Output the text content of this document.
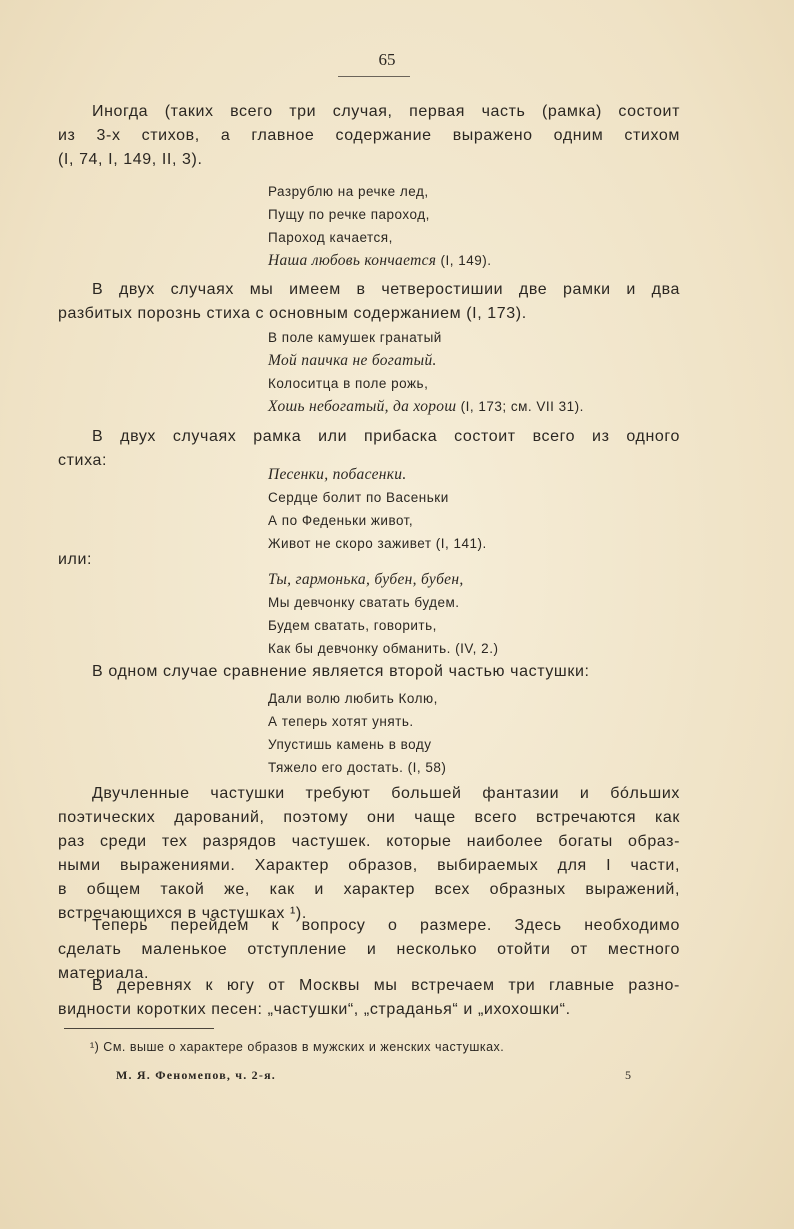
65
Иногда (таких всего три случая, первая часть (рамка) состоит
из 3-х стихов, а главное содержание выражено одним стихом
(I, 74, I, 149, II, 3).
Разрублю на речке лед,
Пущу по речке пароход,
Пароход качается,
Наша любовь кончается (I, 149).
В двух случаях мы имеем в четверостишии две рамки и два
разбитых порознь стиха с основным содержанием (I, 173).
В поле камушек гранатый
Мой паичка не богатый.
Колоситца в поле рожь,
Хошь небогатый, да хорош (I, 173; см. VII 31).
В двух случаях рамка или прибаска состоит всего из одного
стиха:
Песенки, побасенки.
Сердце болит по Васеньки
А по Феденьки живот,
Живот не скоро заживет (I, 141).
или:
Ты, гармонька, бубен, бубен,
Мы девчонку сватать будем.
Будем сватать, говорить,
Как бы девчонку обманить. (IV, 2.)
В одном случае сравнение является второй частью частушки:
Дали волю любить Колю,
А теперь хотят унять.
Упустишь камень в воду
Тяжело его достать. (I, 58)
Двучленные частушки требуют большей фантазии и бóльших
поэтических дарований, поэтому они чаще всего встречаются как
раз среди тех разрядов частушек. которые наиболее богаты образ-
ными выражениями. Характер образов, выбираемых для I части,
в общем такой же, как и характер всех образных выражений,
встречающихся в частушках ¹).
Теперь перейдем к вопросу о размере. Здесь необходимо
сделать маленькое отступление и несколько отойти от местного
материала.
В деревнях к югу от Москвы мы встречаем три главные разно-
видности коротких песен: „частушки“, „страданья“ и „ихохошки“.
¹) См. выше о характере образов в мужских и женских частушках.
М. Я. Феномепов, ч. 2-я.	5
